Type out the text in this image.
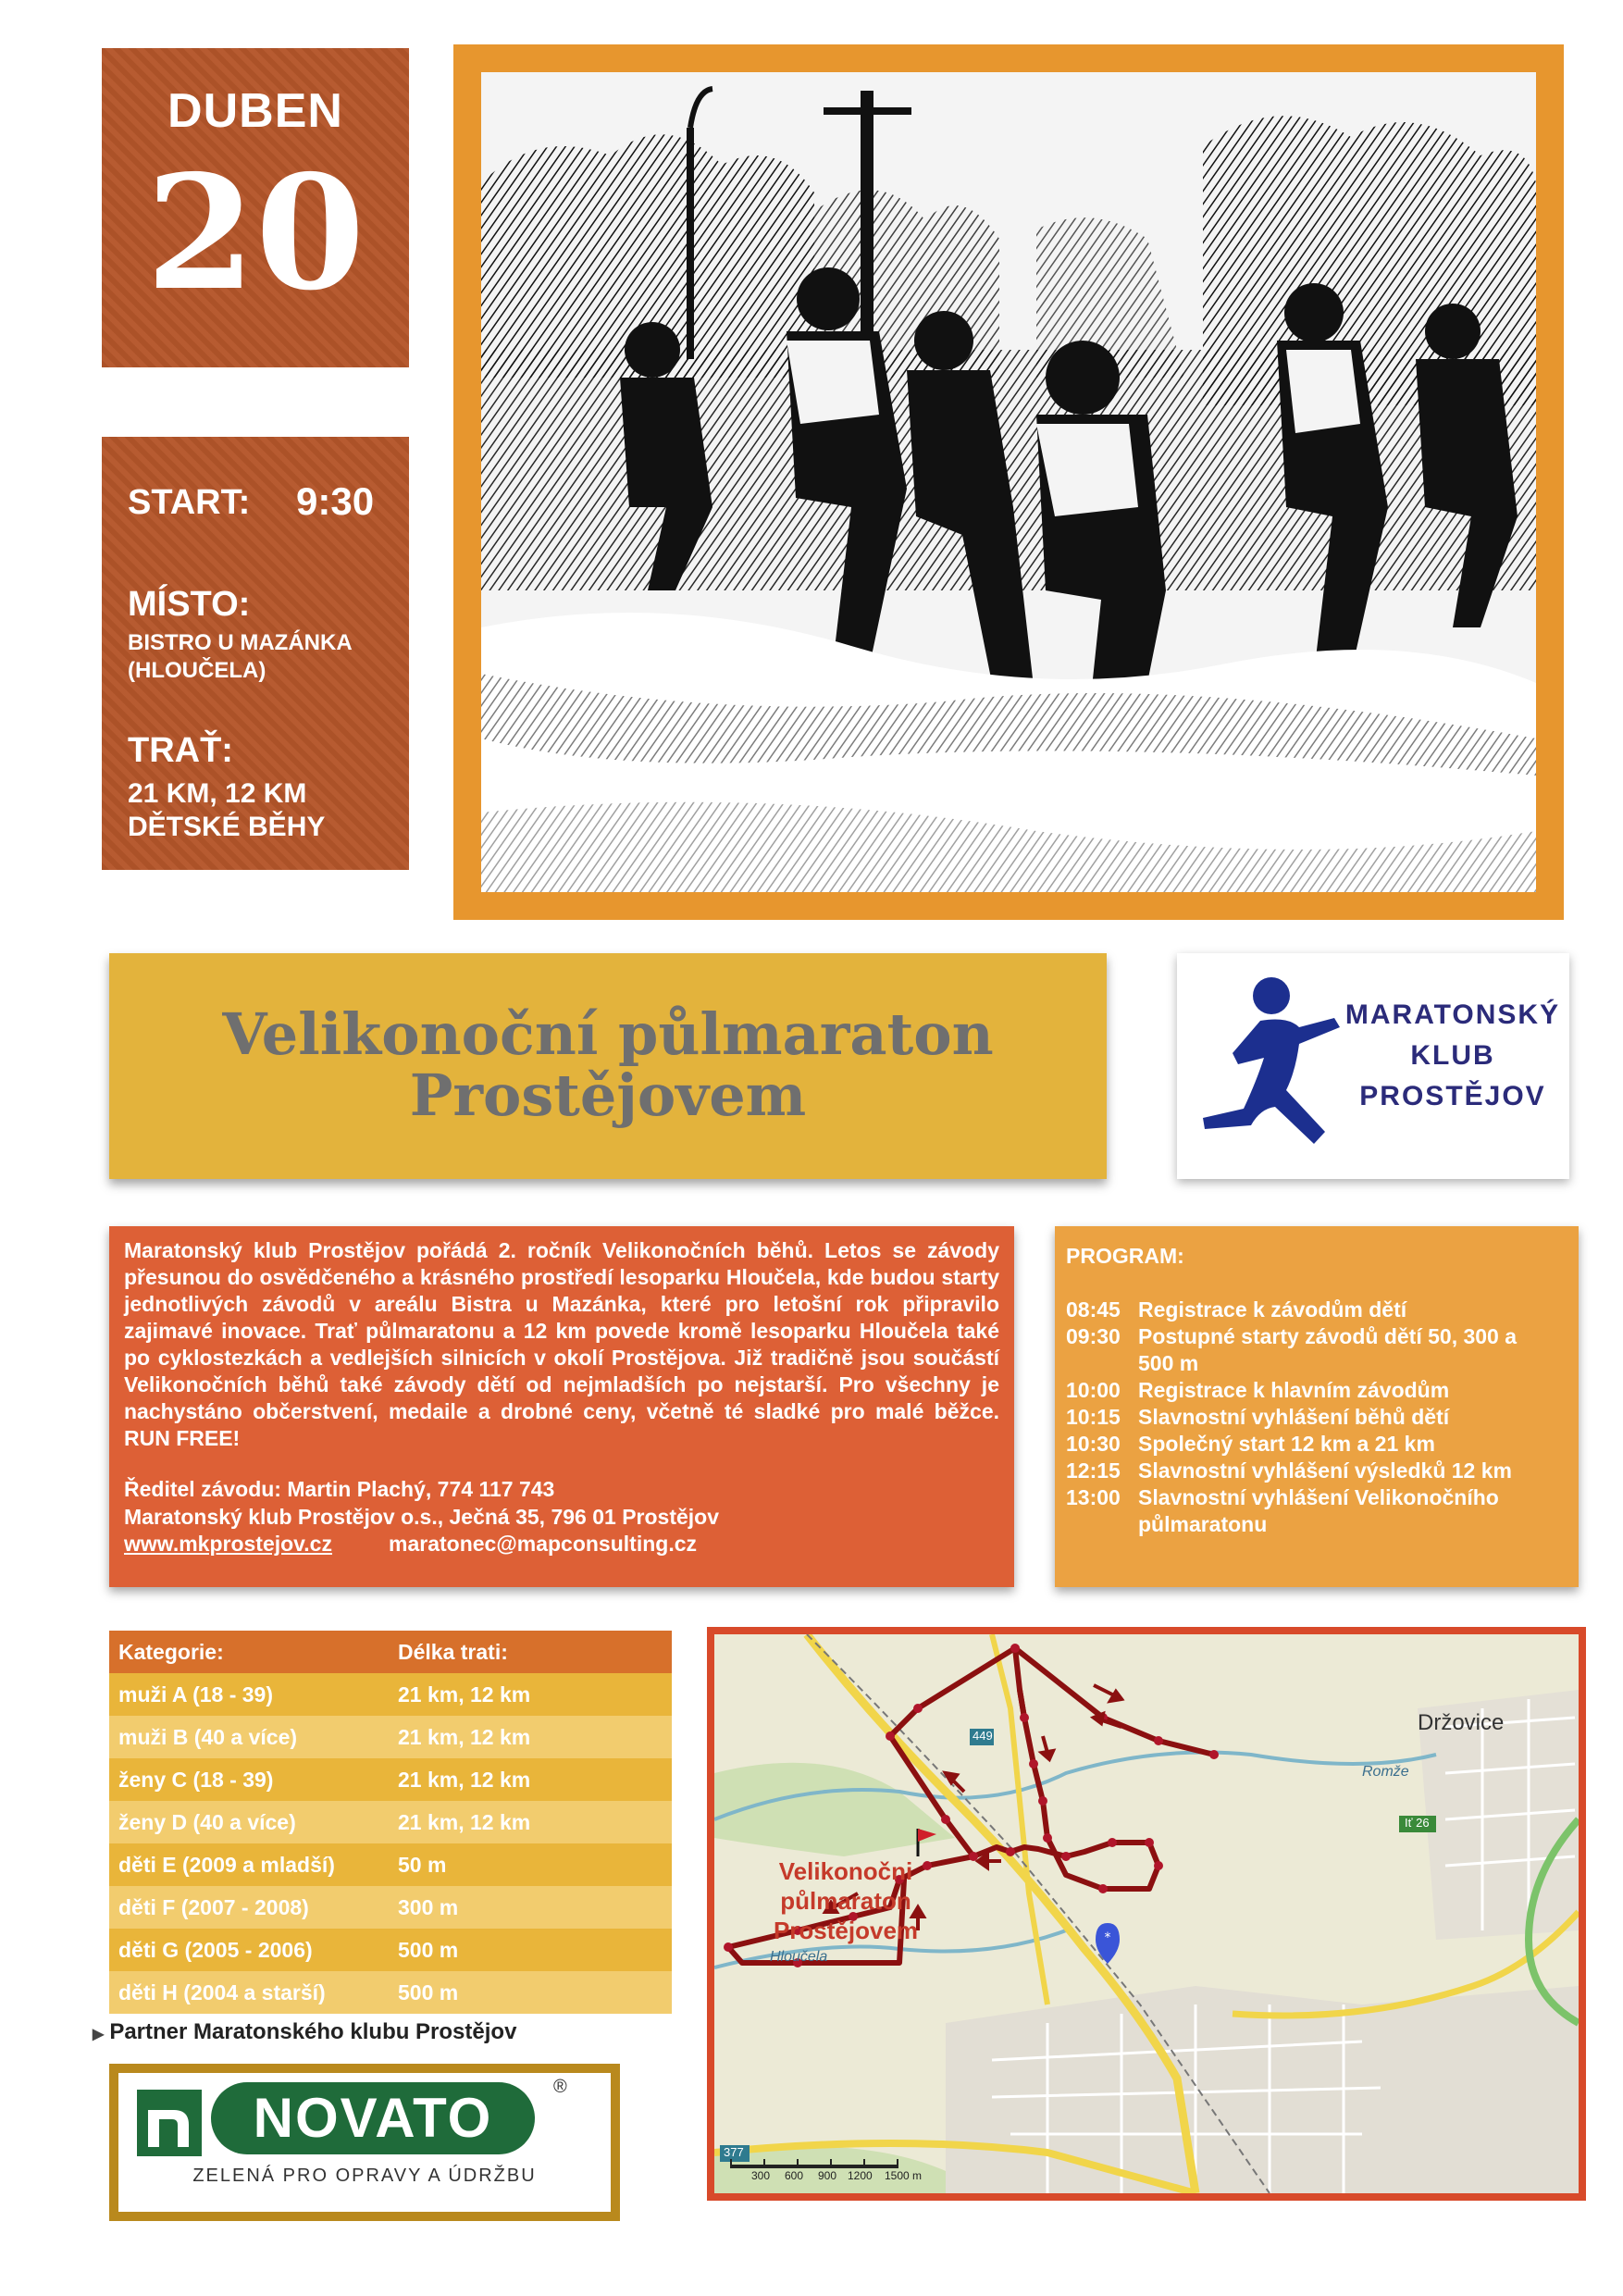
DUBEN
20
START: 9:30
MÍSTO:
BISTRO U MAZÁNKA
(HLOUČELA)
TRAŤ:
21 KM, 12 KM
DĚTSKÉ BĚHY
Velikonoční půlmaraton
Prostějovem
MARATONSKÝ
KLUB
PROSTĚJOV
Maratonský klub Prostějov pořádá 2. ročník Velikonočních běhů. Letos se závody přesunou do osvědčeného a krásného prostředí lesoparku Hloučela, kde budou starty jednotlivých závodů v areálu Bistra u Mazánka, které pro letošní rok připravilo zajimavé inovace. Trať půlmaratonu a 12 km povede kromě lesoparku Hloučela také po cyklostezkách a vedlejších silnicích v okolí Prostějova. Již tradičně jsou součástí Velikonočních běhů také závody dětí od nejmladších po nejstarší. Pro všechny je nachystáno občerstvení, medaile a drobné ceny, včetně té sladké pro malé běžce. RUN FREE!
Ředitel závodu: Martin Plachý, 774 117 743
Maratonský klub Prostějov o.s., Ječná 35, 796 01 Prostějov
www.mkprostejov.cz	maratonec@mapconsulting.cz
PROGRAM:
08:45 Registrace k závodům dětí
09:30 Postupné starty závodů dětí 50, 300 a 500 m
10:00 Registrace k hlavním závodům
10:15 Slavnostní vyhlášení běhů dětí
10:30 Společný start 12 km a 21 km
12:15 Slavnostní vyhlášení výsledků 12 km
13:00 Slavnostní vyhlášení Velikonočního půlmaratonu
Kategorie:	Délka trati:
muži A (18 - 39)	21 km, 12 km
muži B (40 a více)	21 km, 12 km
ženy C (18 - 39)	21 km, 12 km
ženy D (40 a více)	21 km, 12 km
děti E (2009 a mladší)	50 m
děti F (2007 - 2008)	300 m
děti G (2005 - 2006)	500 m
děti H (2004 a starší)	500 m
▶ Partner Maratonského klubu Prostějov
NOVATO	®
ZELENÁ PRO OPRAVY A ÚDRŽBU
*
Velikonočni půlmaraton
Prostějovem
Držovice
Romže
Hloučela
449
377
Iť 26
300 600 900 1200 1500 m
